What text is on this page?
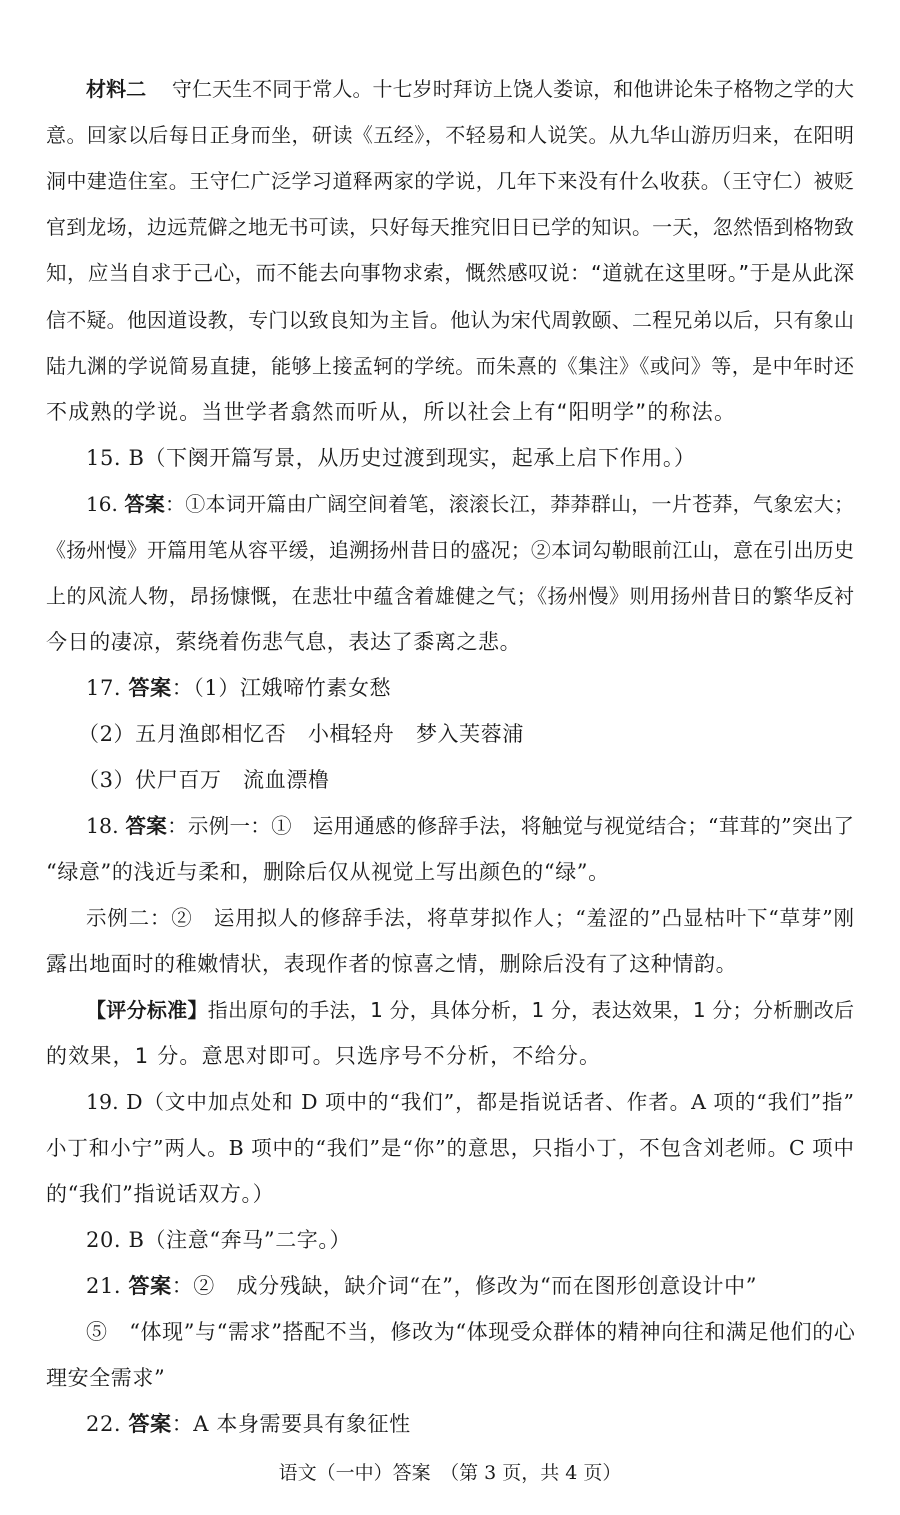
材料二 守仁天生不同于常人。十七岁时拜访上饶人娄谅，和他讲论朱子格物之学的大
意。回家以后每日正身而坐，研读《五经》，不轻易和人说笑。从九华山游历归来，在阳明
洞中建造住室。王守仁广泛学习道释两家的学说，几年下来没有什么收获。（王守仁）被贬
官到龙场，边远荒僻之地无书可读，只好每天推究旧日已学的知识。一天，忽然悟到格物致
知，应当自求于己心，而不能去向事物求索，慨然感叹说：“道就在这里呀。”于是从此深
信不疑。他因道设教，专门以致良知为主旨。他认为宋代周敦颐、二程兄弟以后，只有象山
陆九渊的学说简易直捷，能够上接孟轲的学统。而朱熹的《集注》《或问》等，是中年时还
不成熟的学说。当世学者翕然而听从，所以社会上有“阳明学”的称法。
15. B（下阕开篇写景，从历史过渡到现实，起承上启下作用。）
16. 答案：①本词开篇由广阔空间着笔，滚滚长江，莽莽群山，一片苍莽，气象宏大；
《扬州慢》开篇用笔从容平缓，追溯扬州昔日的盛况；②本词勾勒眼前江山，意在引出历史
上的风流人物，昂扬慷慨，在悲壮中蕴含着雄健之气；《扬州慢》则用扬州昔日的繁华反衬
今日的凄凉，萦绕着伤悲气息，表达了黍离之悲。
17. 答案：（1）江娥啼竹素女愁
（2）五月渔郎相忆否　小楫轻舟　梦入芙蓉浦
（3）伏尸百万　流血漂橹
18. 答案：示例一：①　运用通感的修辞手法，将触觉与视觉结合；“茸茸的”突出了
“绿意”的浅近与柔和，删除后仅从视觉上写出颜色的“绿”。
示例二：②　运用拟人的修辞手法，将草芽拟作人；“羞涩的”凸显枯叶下“草芽”刚
露出地面时的稚嫩情状，表现作者的惊喜之情，删除后没有了这种情韵。
【评分标准】指出原句的手法，1 分，具体分析，1 分，表达效果，1 分；分析删改后
的效果，1 分。意思对即可。只选序号不分析，不给分。
19. D（文中加点处和 D 项中的“我们”，都是指说话者、作者。A 项的“我们”指”
小丁和小宁”两人。B 项中的“我们”是“你”的意思，只指小丁，不包含刘老师。C 项中
的“我们”指说话双方。）
20. B（注意“奔马”二字。）
21. 答案：②　成分残缺，缺介词“在”，修改为“而在图形创意设计中”
⑤　“体现”与“需求”搭配不当，修改为“体现受众群体的精神向往和满足他们的心
理安全需求”
22. 答案：A 本身需要具有象征性
语文（一中）答案　（第 3 页，共 4 页）
